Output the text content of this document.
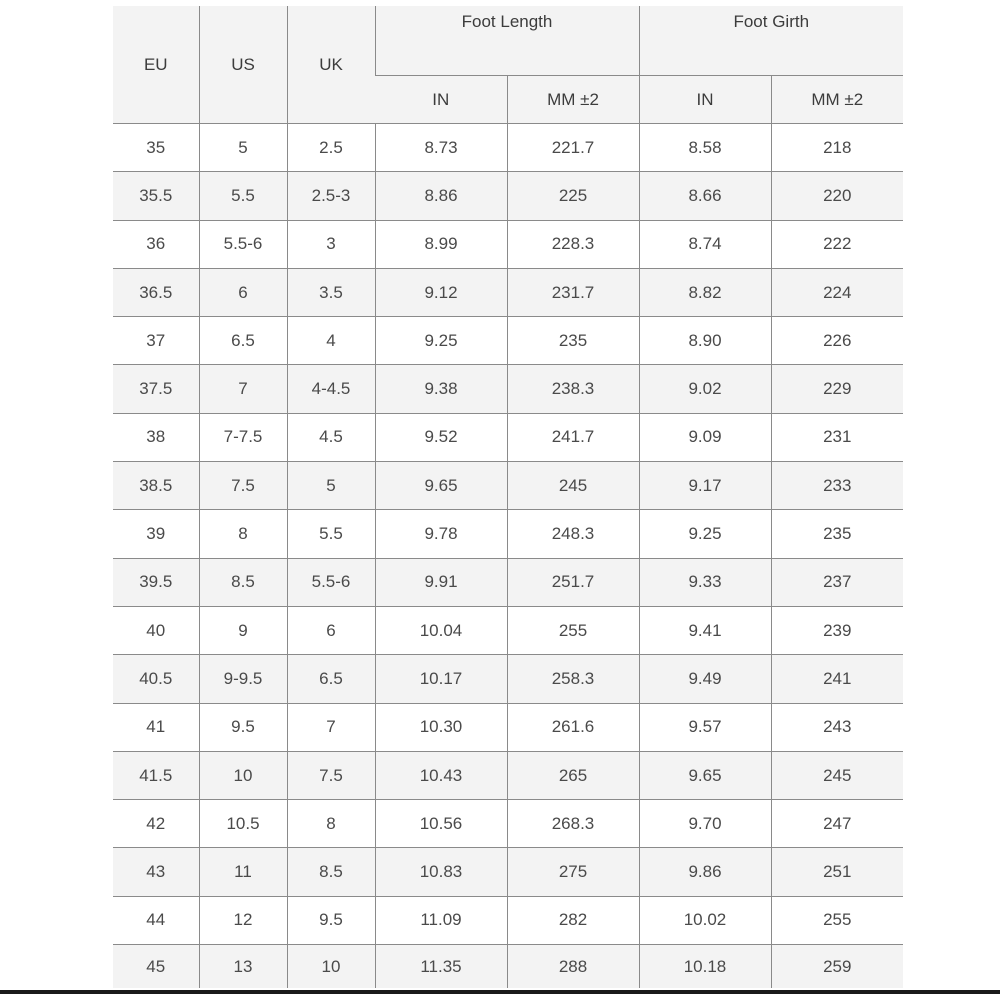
EU	US	UK	Foot Length		Foot Girth	
			IN	MM ±2	IN	MM ±2
35	5	2.5	8.73	221.7	8.58	218
35.5	5.5	2.5-3	8.86	225	8.66	220
36	5.5-6	3	8.99	228.3	8.74	222
36.5	6	3.5	9.12	231.7	8.82	224
37	6.5	4	9.25	235	8.90	226
37.5	7	4-4.5	9.38	238.3	9.02	229
38	7-7.5	4.5	9.52	241.7	9.09	231
38.5	7.5	5	9.65	245	9.17	233
39	8	5.5	9.78	248.3	9.25	235
39.5	8.5	5.5-6	9.91	251.7	9.33	237
40	9	6	10.04	255	9.41	239
40.5	9-9.5	6.5	10.17	258.3	9.49	241
41	9.5	7	10.30	261.6	9.57	243
41.5	10	7.5	10.43	265	9.65	245
42	10.5	8	10.56	268.3	9.70	247
43	11	8.5	10.83	275	9.86	251
44	12	9.5	11.09	282	10.02	255
45	13	10	11.35	288	10.18	259
